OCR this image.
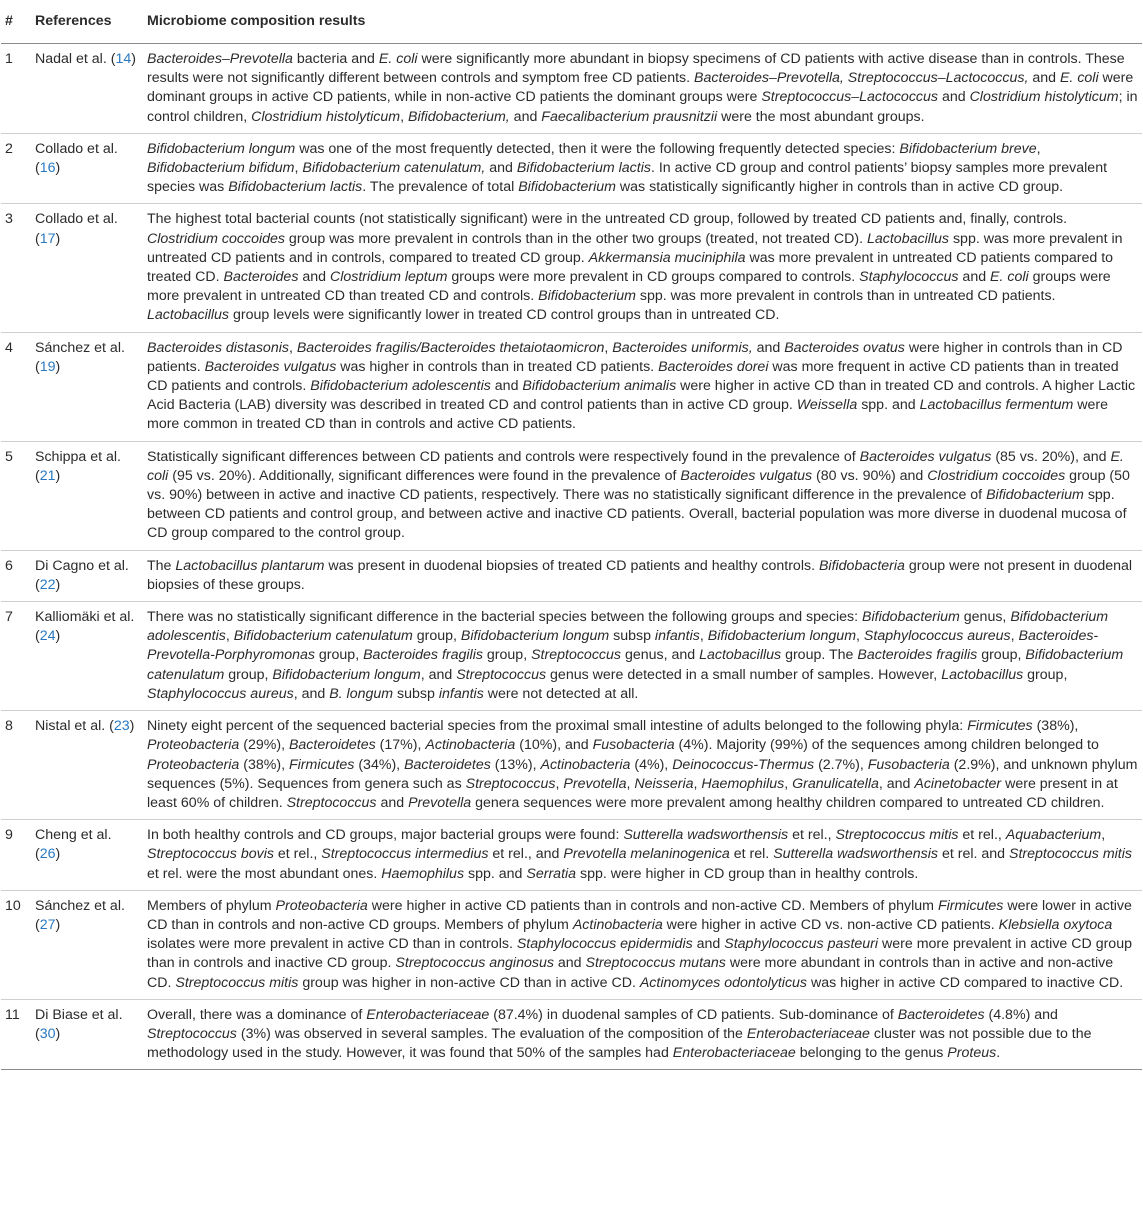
#	References	Microbiome composition results
1	Nadal et al. (14)	Bacteroides–Prevotella bacteria and E. coli were significantly more abundant in biopsy specimens of CD patients with active disease than in controls. These results were not significantly different between controls and symptom free CD patients. Bacteroides–Prevotella, Streptococcus–Lactococcus, and E. coli were dominant groups in active CD patients, while in non-active CD patients the dominant groups were Streptococcus–Lactococcus and Clostridium histolyticum; in control children, Clostridium histolyticum, Bifidobacterium, and Faecalibacterium prausnitzii were the most abundant groups.
2	Collado et al. (16)	Bifidobacterium longum was one of the most frequently detected, then it were the following frequently detected species: Bifidobacterium breve, Bifidobacterium bifidum, Bifidobacterium catenulatum, and Bifidobacterium lactis. In active CD group and control patients’ biopsy samples more prevalent species was Bifidobacterium lactis. The prevalence of total Bifidobacterium was statistically significantly higher in controls than in active CD group.
3	Collado et al. (17)	The highest total bacterial counts (not statistically significant) were in the untreated CD group, followed by treated CD patients and, finally, controls. Clostridium coccoides group was more prevalent in controls than in the other two groups (treated, not treated CD). Lactobacillus spp. was more prevalent in untreated CD patients and in controls, compared to treated CD group. Akkermansia muciniphila was more prevalent in untreated CD patients compared to treated CD. Bacteroides and Clostridium leptum groups were more prevalent in CD groups compared to controls. Staphylococcus and E. coli groups were more prevalent in untreated CD than treated CD and controls. Bifidobacterium spp. was more prevalent in controls than in untreated CD patients. Lactobacillus group levels were significantly lower in treated CD control groups than in untreated CD.
4	Sánchez et al. (19)	Bacteroides distasonis, Bacteroides fragilis/Bacteroides thetaiotaomicron, Bacteroides uniformis, and Bacteroides ovatus were higher in controls than in CD patients. Bacteroides vulgatus was higher in controls than in treated CD patients. Bacteroides dorei was more frequent in active CD patients than in treated CD patients and controls. Bifidobacterium adolescentis and Bifidobacterium animalis were higher in active CD than in treated CD and controls. A higher Lactic Acid Bacteria (LAB) diversity was described in treated CD and control patients than in active CD group. Weissella spp. and Lactobacillus fermentum were more common in treated CD than in controls and active CD patients.
5	Schippa et al. (21)	Statistically significant differences between CD patients and controls were respectively found in the prevalence of Bacteroides vulgatus (85 vs. 20%), and E. coli (95 vs. 20%). Additionally, significant differences were found in the prevalence of Bacteroides vulgatus (80 vs. 90%) and Clostridium coccoides group (50 vs. 90%) between in active and inactive CD patients, respectively. There was no statistically significant difference in the prevalence of Bifidobacterium spp. between CD patients and control group, and between active and inactive CD patients. Overall, bacterial population was more diverse in duodenal mucosa of CD group compared to the control group.
6	Di Cagno et al. (22)	The Lactobacillus plantarum was present in duodenal biopsies of treated CD patients and healthy controls. Bifidobacteria group were not present in duodenal biopsies of these groups.
7	Kalliomäki et al. (24)	There was no statistically significant difference in the bacterial species between the following groups and species: Bifidobacterium genus, Bifidobacterium adolescentis, Bifidobacterium catenulatum group, Bifidobacterium longum subsp infantis, Bifidobacterium longum, Staphylococcus aureus, Bacteroides-Prevotella-Porphyromonas group, Bacteroides fragilis group, Streptococcus genus, and Lactobacillus group. The Bacteroides fragilis group, Bifidobacterium catenulatum group, Bifidobacterium longum, and Streptococcus genus were detected in a small number of samples. However, Lactobacillus group, Staphylococcus aureus, and B. longum subsp infantis were not detected at all.
8	Nistal et al. (23)	Ninety eight percent of the sequenced bacterial species from the proximal small intestine of adults belonged to the following phyla: Firmicutes (38%), Proteobacteria (29%), Bacteroidetes (17%), Actinobacteria (10%), and Fusobacteria (4%). Majority (99%) of the sequences among children belonged to Proteobacteria (38%), Firmicutes (34%), Bacteroidetes (13%), Actinobacteria (4%), Deinococcus-Thermus (2.7%), Fusobacteria (2.9%), and unknown phylum sequences (5%). Sequences from genera such as Streptococcus, Prevotella, Neisseria, Haemophilus, Granulicatella, and Acinetobacter were present in at least 60% of children. Streptococcus and Prevotella genera sequences were more prevalent among healthy children compared to untreated CD children.
9	Cheng et al. (26)	In both healthy controls and CD groups, major bacterial groups were found: Sutterella wadsworthensis et rel., Streptococcus mitis et rel., Aquabacterium, Streptococcus bovis et rel., Streptococcus intermedius et rel., and Prevotella melaninogenica et rel. Sutterella wadsworthensis et rel. and Streptococcus mitis et rel. were the most abundant ones. Haemophilus spp. and Serratia spp. were higher in CD group than in healthy controls.
10	Sánchez et al. (27)	Members of phylum Proteobacteria were higher in active CD patients than in controls and non-active CD. Members of phylum Firmicutes were lower in active CD than in controls and non-active CD groups. Members of phylum Actinobacteria were higher in active CD vs. non-active CD patients. Klebsiella oxytoca isolates were more prevalent in active CD than in controls. Staphylococcus epidermidis and Staphylococcus pasteuri were more prevalent in active CD group than in controls and inactive CD group. Streptococcus anginosus and Streptococcus mutans were more abundant in controls than in active and non-active CD. Streptococcus mitis group was higher in non-active CD than in active CD. Actinomyces odontolyticus was higher in active CD compared to inactive CD.
11	Di Biase et al. (30)	Overall, there was a dominance of Enterobacteriaceae (87.4%) in duodenal samples of CD patients. Sub-dominance of Bacteroidetes (4.8%) and Streptococcus (3%) was observed in several samples. The evaluation of the composition of the Enterobacteriaceae cluster was not possible due to the methodology used in the study. However, it was found that 50% of the samples had Enterobacteriaceae belonging to the genus Proteus.
